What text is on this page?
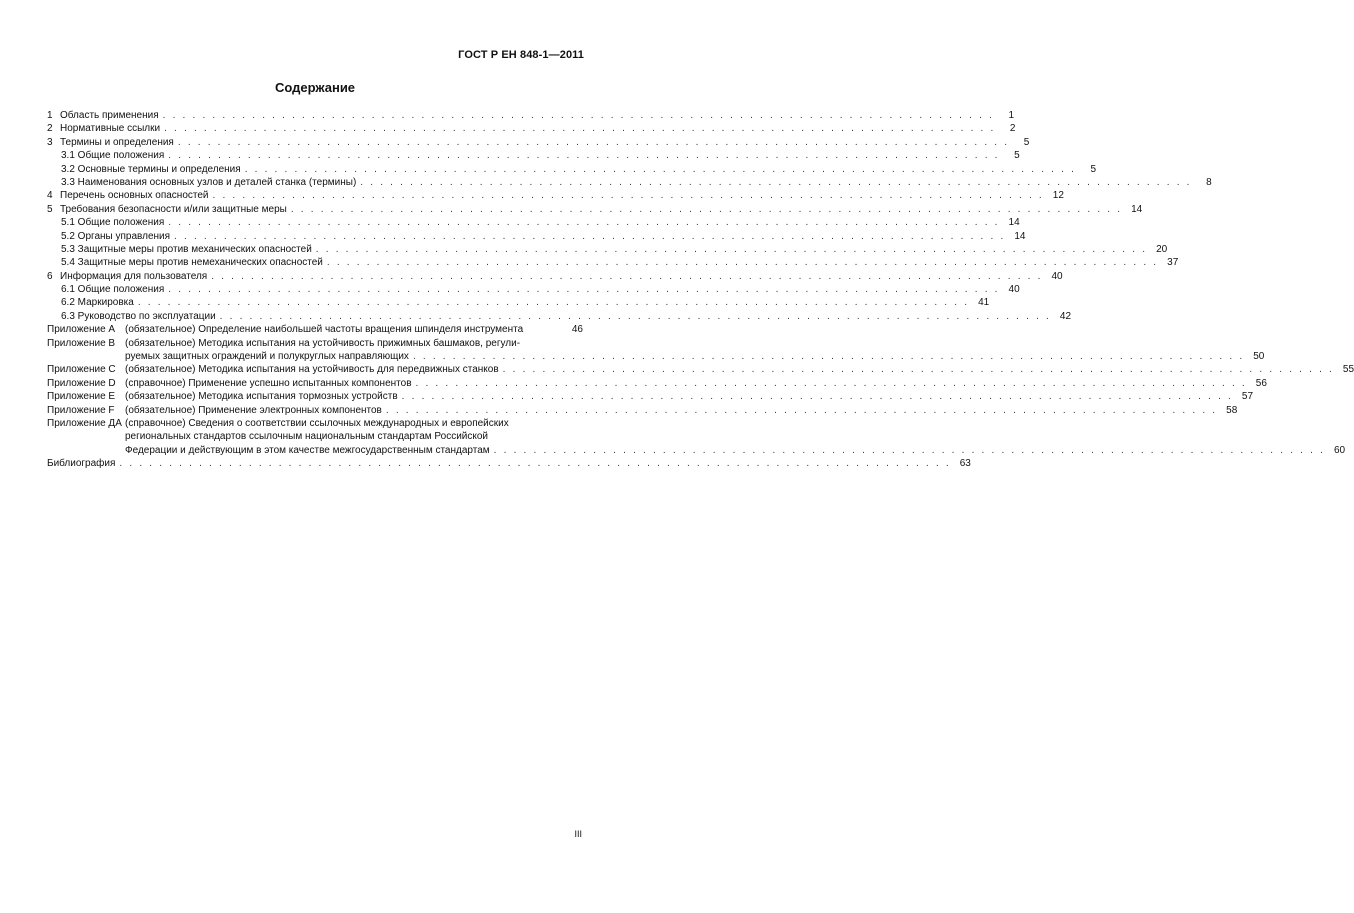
ГОСТ Р ЕН 848-1—2011
Содержание
1 Область применения . . .	1
2 Нормативные ссылки . . .	2
3 Термины и определения . . .	5
3.1 Общие положения . . .	5
3.2 Основные термины и определения . . .	5
3.3 Наименования основных узлов и деталей станка (термины) . . .	8
4 Перечень основных опасностей . . .	12
5 Требования безопасности и/или защитные меры . . .	14
5.1 Общие положения . . .	14
5.2 Органы управления . . .	14
5.3 Защитные меры против механических опасностей . . .	20
5.4 Защитные меры против немеханических опасностей . . .	37
6 Информация для пользователя . . .	40
6.1 Общие положения . . .	40
6.2 Маркировка . . .	41
6.3 Руководство по эксплуатации . . .	42
Приложение А (обязательное) Определение наибольшей частоты вращения шпинделя инструмента	46
Приложение В (обязательное) Методика испытания на устойчивость прижимных башмаков, регули-
руемых защитных ограждений и полукруглых направляющих . . .	50
Приложение С (обязательное) Методика испытания на устойчивость для передвижных станков . . .	55
Приложение D (справочное) Применение успешно испытанных компонентов . . .	56
Приложение Е (обязательное) Методика испытания тормозных устройств . . .	57
Приложение F	(обязательное) Применение электронных компонентов . . .	58
Приложение ДА (справочное) Сведения о соответствии ссылочных международных и европейских
региональных стандартов ссылочным национальным стандартам Российской
Федерации и действующим в этом качестве межгосударственным стандартам . . .	60
Библиография . . .	63
III
